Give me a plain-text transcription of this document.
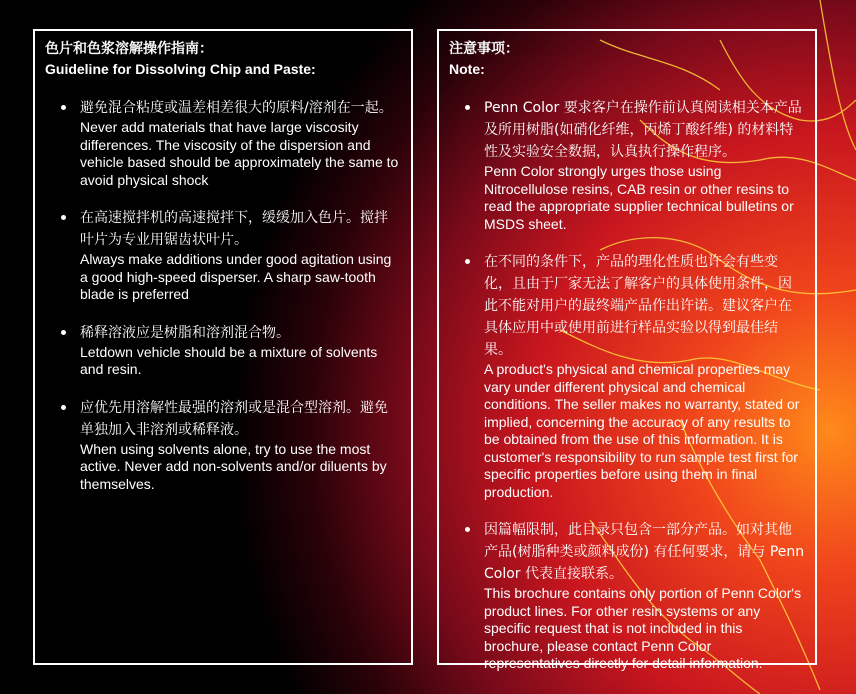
色片和色浆溶解操作指南：
Guideline for Dissolving Chip and Paste:
避免混合粘度或温差相差很大的原料/溶剂在一起。
Never add materials that have large viscosity differences. The viscosity of the dispersion and vehicle based should be approximately the same to avoid physical shock
在高速搅拌机的高速搅拌下，缓缓加入色片。搅拌叶片为专业用锯齿状叶片。
Always make additions under good agitation using a good high-speed disperser. A sharp saw-tooth blade is preferred
稀释溶液应是树脂和溶剂混合物。
Letdown vehicle should be a mixture of solvents and resin.
应优先用溶解性最强的溶剂或是混合型溶剂。避免单独加入非溶剂或稀释液。
When using solvents alone, try to use the most active. Never add non-solvents and/or diluents by themselves.
注意事项：
Note:
Penn Color 要求客户在操作前认真阅读相关本产品及所用树脂(如硝化纤维，丙烯丁酸纤维) 的材料特性及实验安全数据，认真执行操作程序。
Penn Color strongly urges those using Nitrocellulose resins, CAB resin or other resins to read the appropriate supplier technical bulletins or MSDS sheet.
在不同的条件下，产品的理化性质也许会有些变化，且由于厂家无法了解客户的具体使用条件，因此不能对用户的最终端产品作出许诺。建议客户在具体应用中或使用前进行样品实验以得到最佳结果。
A product's physical and chemical properties may vary under different physical and chemical conditions. The seller makes no warranty, stated or implied, concerning the accuracy of any results to be obtained from the use of this information. It is customer's responsibility to run sample test first for specific properties before using them in final production.
因篇幅限制，此目录只包含一部分产品。如对其他产品(树脂种类或颜料成份) 有任何要求，请与 Penn Color 代表直接联系。
This brochure contains only portion of Penn Color's product lines. For other resin systems or any specific request that is not included in this brochure, please contact Penn Color representatives directly for detail information.
